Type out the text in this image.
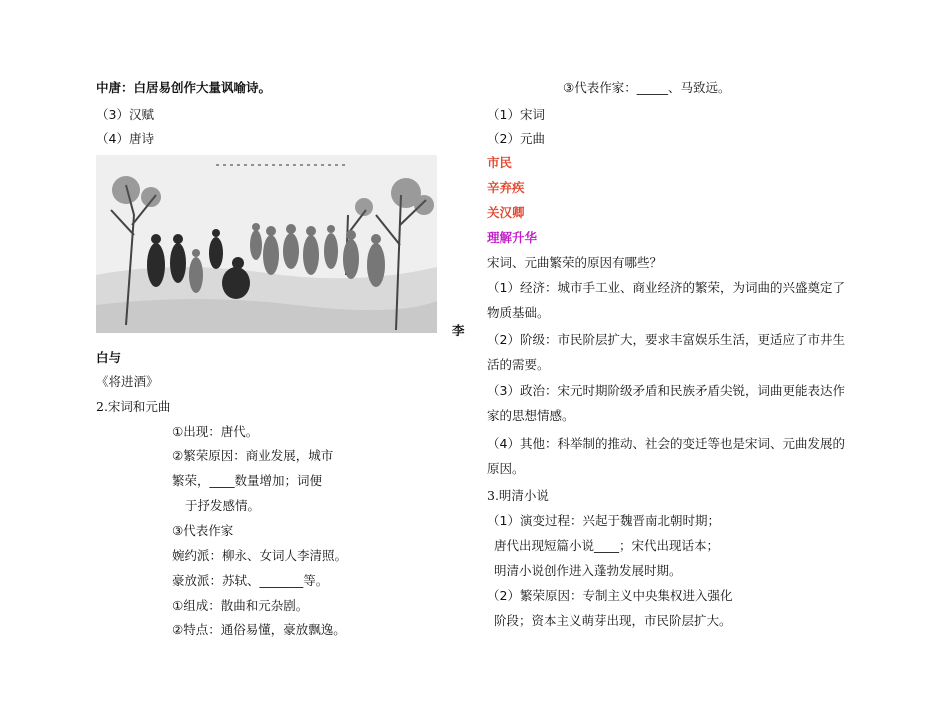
中唐：白居易创作大量讽喻诗。
（3）汉赋
（4）唐诗
李
白与
《将进酒》
2.宋词和元曲
①出现：唐代。
②繁荣原因：商业发展，城市
繁荣，____数量增加；词便
于抒发感情。
③代表作家
婉约派：柳永、女词人李清照。
豪放派：苏轼、_______等。
①组成：散曲和元杂剧。
②特点：通俗易懂，豪放飘逸。
③代表作家：_____、马致远。
（1）宋词
（2）元曲
市民
辛弃疾
关汉卿
理解升华
宋词、元曲繁荣的原因有哪些？
（1）经济：城市手工业、商业经济的繁荣，为词曲的兴盛奠定了
物质基础。
（2）阶级：市民阶层扩大，要求丰富娱乐生活，更适应了市井生
活的需要。
（3）政治：宋元时期阶级矛盾和民族矛盾尖锐，词曲更能表达作
家的思想情感。
（4）其他：科举制的推动、社会的变迁等也是宋词、元曲发展的
原因。
3.明清小说
（1）演变过程：兴起于魏晋南北朝时期；
唐代出现短篇小说____；宋代出现话本；
明清小说创作进入蓬勃发展时期。
（2）繁荣原因：专制主义中央集权进入强化
阶段；资本主义萌芽出现，市民阶层扩大。
